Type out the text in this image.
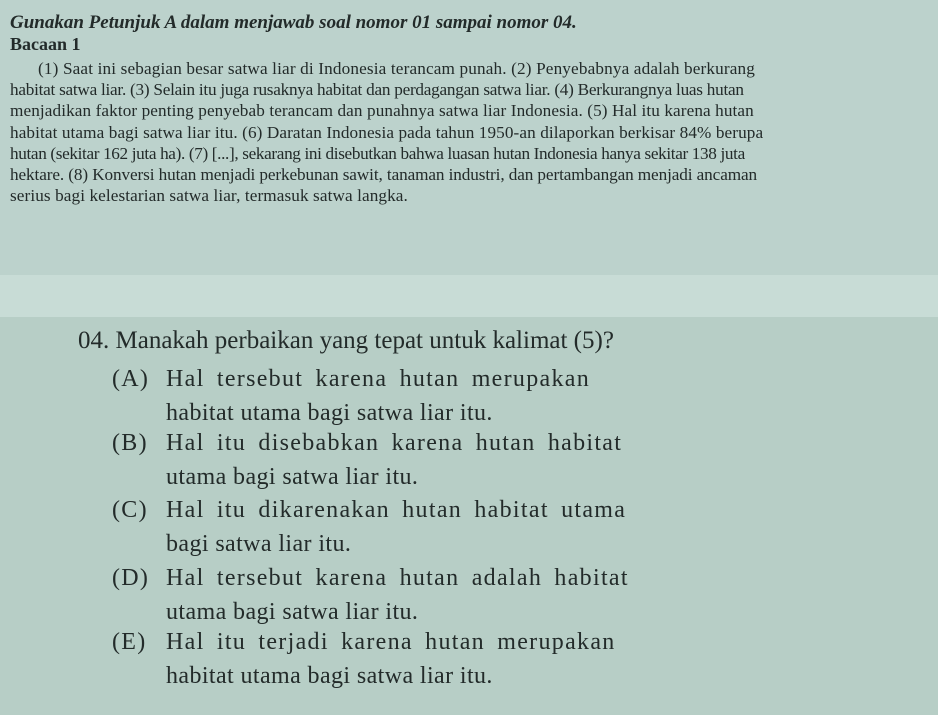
Gunakan Petunjuk A dalam menjawab soal nomor 01 sampai nomor 04.
Bacaan 1
(1) Saat ini sebagian besar satwa liar di Indonesia terancam punah. (2) Penyebabnya adalah berkurang
habitat satwa liar. (3) Selain itu juga rusaknya habitat dan perdagangan satwa liar. (4) Berkurangnya luas hutan
menjadikan faktor penting penyebab terancam dan punahnya satwa liar Indonesia. (5) Hal itu karena hutan
habitat utama bagi satwa liar itu. (6) Daratan Indonesia pada tahun 1950-an dilaporkan berkisar 84% berupa
hutan (sekitar 162 juta ha). (7) [...], sekarang ini disebutkan bahwa luasan hutan Indonesia hanya sekitar 138 juta
hektare. (8) Konversi hutan menjadi perkebunan sawit, tanaman industri, dan pertambangan menjadi ancaman
serius bagi kelestarian satwa liar, termasuk satwa langka.
04. Manakah perbaikan yang tepat untuk kalimat (5)?
(A) Hal tersebut karena hutan merupakan
habitat utama bagi satwa liar itu.
(B) Hal itu disebabkan karena hutan habitat
utama bagi satwa liar itu.
(C) Hal itu dikarenakan hutan habitat utama
bagi satwa liar itu.
(D) Hal tersebut karena hutan adalah habitat
utama bagi satwa liar itu.
(E) Hal itu terjadi karena hutan merupakan
habitat utama bagi satwa liar itu.
